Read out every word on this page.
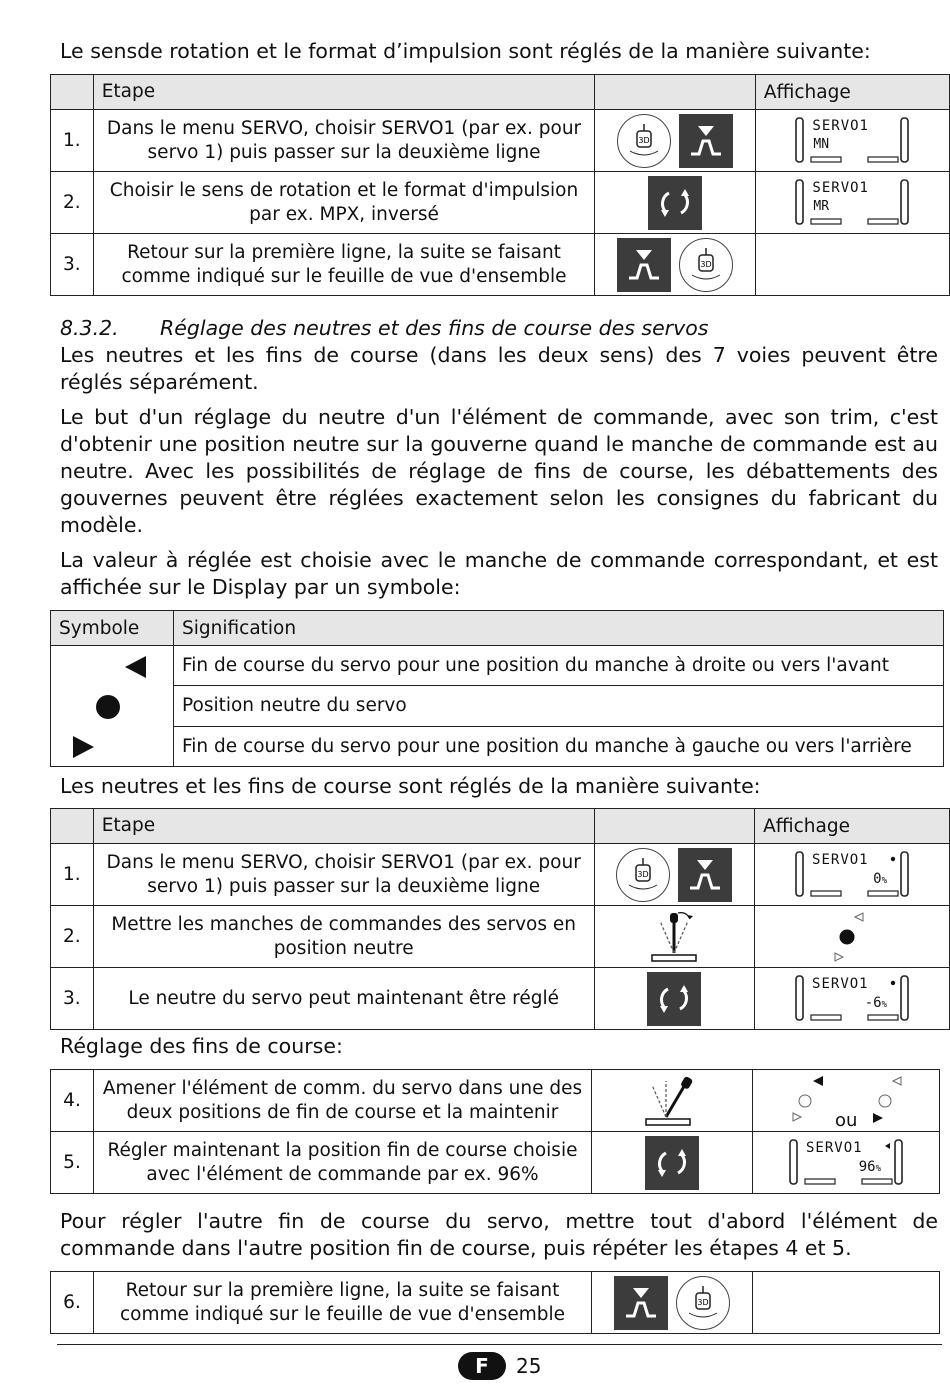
Le sensde rotation et le format d’impulsion sont réglés de la manière suivante:

	Etape		Affichage
1.	Dans le menu SERVO, choisir SERVO1 (par ex. pour servo 1) puis passer sur la deuxième ligne	3D	SERVO1
MN

2.	Choisir le sens de rotation et le format d'impulsion par ex. MPX, inversé		SERVO1
MR

3.	Retour sur la première ligne, la suite se faisant comme indiqué sur le feuille de vue d'ensemble	3D	

8.3.2. Réglage des neutres et des fins de course des servos

Les neutres et les fins de course (dans les deux sens) des 7 voies peuvent être réglés séparément.

Le but d'un réglage du neutre d'un l'élément de commande, avec son trim, c'est d'obtenir une position neutre sur la gouverne quand le manche de commande est au neutre. Avec les possibilités de réglage de fins de course, les débattements des gouvernes peuvent être réglées exactement selon les consignes du fabricant du modèle.

La valeur à réglée est choisie avec le manche de commande correspondant, et est affichée sur le Display par un symbole:

Symbole	Signification

	Fin de course du servo pour une position du manche à droite ou vers l'avant
	Position neutre du servo
	Fin de course du servo pour une position du manche à gauche ou vers l'arrière

Les neutres et les fins de course sont réglés de la manière suivante:

	Etape		Affichage
1.	Dans le menu SERVO, choisir SERVO1 (par ex. pour servo 1) puis passer sur la deuxième ligne	3D	SERVO1
0%

2.	Mettre les manches de commandes des servos en position neutre	

3.	Le neutre du servo peut maintenant être réglé		SERVO1
-6%

Réglage des fins de course:

4.	Amener l'élément de comm. du servo dans une des deux positions de fin de course et la maintenir		ou

5.	Régler maintenant la position fin de course choisie avec l'élément de commande par ex. 96%		SERVO1
96%

Pour régler l'autre fin de course du servo, mettre tout d'abord l'élément de commande dans l'autre position fin de course, puis répéter les étapes 4 et 5.

6.	Retour sur la première ligne, la suite se faisant comme indiqué sur le feuille de vue d'ensemble	
3D

F	25
